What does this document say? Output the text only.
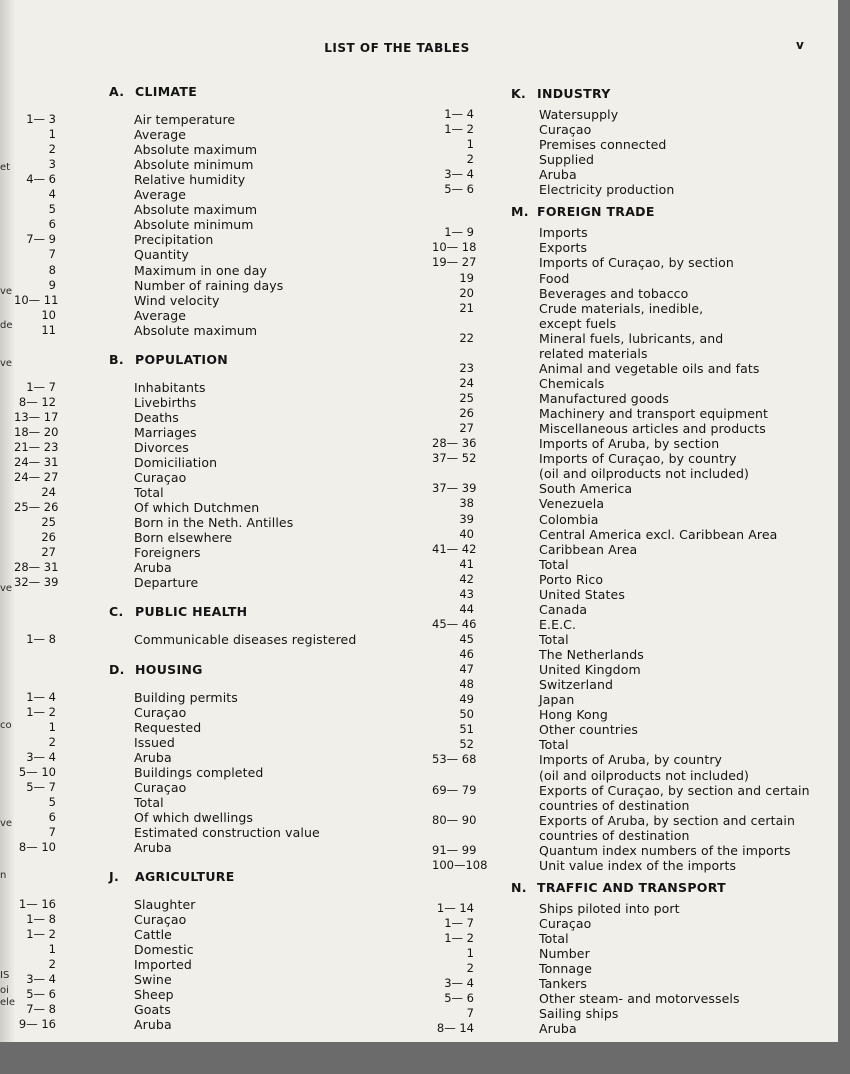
et
ve
de
ve
ve
co
ve
n
IS
oi
ele
LIST OF THE TABLES	v
A. CLIMATE
1— 3	Air temperature
1	Average
2	Absolute maximum
3	Absolute minimum
4— 6	Relative humidity
4	Average
5	Absolute maximum
6	Absolute minimum
7— 9	Precipitation
7	Quantity
8	Maximum in one day
9	Number of raining days
10— 11	Wind velocity
10	Average
11	Absolute maximum
B. POPULATION
1— 7	Inhabitants
8— 12	Livebirths
13— 17	Deaths
18— 20	Marriages
21— 23	Divorces
24— 31	Domiciliation
24— 27	Curaçao
24	Total
25— 26	Of which Dutchmen
25	Born in the Neth. Antilles
26	Born elsewhere
27	Foreigners
28— 31	Aruba
32— 39	Departure
C. PUBLIC HEALTH
1— 8	Communicable diseases registered
D. HOUSING
1— 4	Building permits
1— 2	Curaçao
1	Requested
2	Issued
3— 4	Aruba
5— 10	Buildings completed
5— 7	Curaçao
5	Total
6	Of which dwellings
7	Estimated construction value
8— 10	Aruba
J. AGRICULTURE
1— 16	Slaughter
1— 8	Curaçao
1— 2	Cattle
1	Domestic
2	Imported
3— 4	Swine
5— 6	Sheep
7— 8	Goats
9— 16	Aruba
K. INDUSTRY
1— 4	Watersupply
1— 2	Curaçao
1	Premises connected
2	Supplied
3— 4	Aruba
5— 6	Electricity production
M. FOREIGN TRADE
1— 9	Imports
10— 18	Exports
19— 27	Imports of Curaçao, by section
19	Food
20	Beverages and tobacco
21	Crude materials, inedible,
except fuels
22	Mineral fuels, lubricants, and
related materials
23	Animal and vegetable oils and fats
24	Chemicals
25	Manufactured goods
26	Machinery and transport equipment
27	Miscellaneous articles and products
28— 36	Imports of Aruba, by section
37— 52	Imports of Curaçao, by country
(oil and oilproducts not included)
37— 39	South America
38	Venezuela
39	Colombia
40	Central America excl. Caribbean Area
41— 42	Caribbean Area
41	Total
42	Porto Rico
43	United States
44	Canada
45— 46	E.E.C.
45	Total
46	The Netherlands
47	United Kingdom
48	Switzerland
49	Japan
50	Hong Kong
51	Other countries
52	Total
53— 68	Imports of Aruba, by country
(oil and oilproducts not included)
69— 79	Exports of Curaçao, by section and certain
countries of destination
80— 90	Exports of Aruba, by section and certain
countries of destination
91— 99	Quantum index numbers of the imports
100—108	Unit value index of the imports
N. TRAFFIC AND TRANSPORT
1— 14	Ships piloted into port
1— 7	Curaçao
1— 2	Total
1	Number
2	Tonnage
3— 4	Tankers
5— 6	Other steam- and motorvessels
7	Sailing ships
8— 14	Aruba
